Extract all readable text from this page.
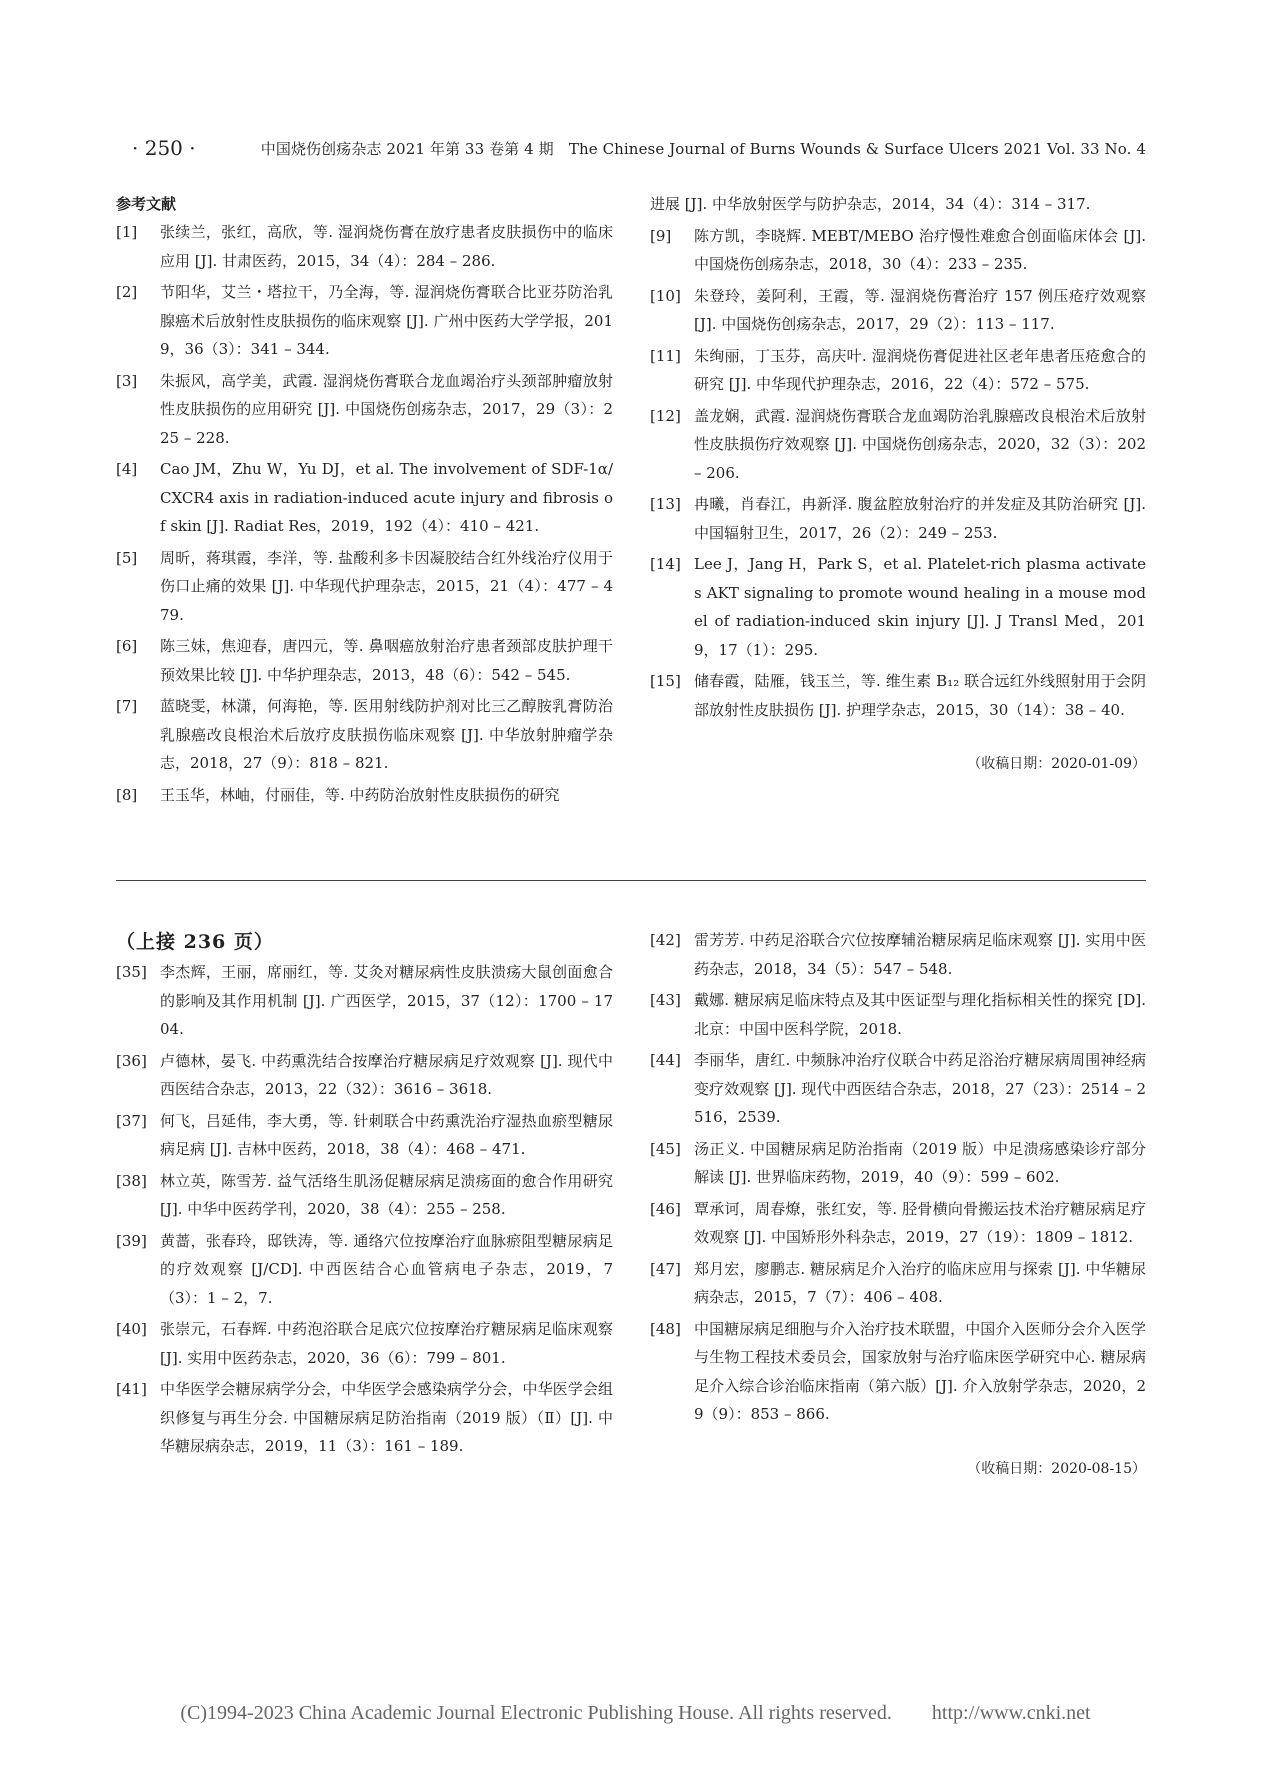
· 250 ·	中国烧伤创疡杂志 2021 年第 33 卷第 4 期　The Chinese Journal of Burns Wounds & Surface Ulcers 2021 Vol. 33 No. 4
参考文献
[1]	张续兰，张红，高欣，等. 湿润烧伤膏在放疗患者皮肤损伤中的临床应用 [J]. 甘肃医药，2015，34（4）：284 – 286.
[2]	节阳华，艾兰・塔拉干，乃全海，等. 湿润烧伤膏联合比亚芬防治乳腺癌术后放射性皮肤损伤的临床观察 [J]. 广州中医药大学学报，2019，36（3）：341 – 344.
[3]	朱振风，高学美，武霞. 湿润烧伤膏联合龙血竭治疗头颈部肿瘤放射性皮肤损伤的应用研究 [J]. 中国烧伤创疡杂志，2017，29（3）：225 – 228.
[4]	Cao JM，Zhu W，Yu DJ，et al. The involvement of SDF-1α/CXCR4 axis in radiation-induced acute injury and fibrosis of skin [J]. Radiat Res，2019，192（4）：410 – 421.
[5]	周昕，蒋琪霞，李洋，等. 盐酸利多卡因凝胶结合红外线治疗仪用于伤口止痛的效果 [J]. 中华现代护理杂志，2015，21（4）：477 – 479.
[6]	陈三妹，焦迎春，唐四元，等. 鼻咽癌放射治疗患者颈部皮肤护理干预效果比较 [J]. 中华护理杂志，2013，48（6）：542 – 545.
[7]	蓝晓雯，林潇，何海艳，等. 医用射线防护剂对比三乙醇胺乳膏防治乳腺癌改良根治术后放疗皮肤损伤临床观察 [J]. 中华放射肿瘤学杂志，2018，27（9）：818 – 821.
[8]	王玉华，林岫，付丽佳，等. 中药防治放射性皮肤损伤的研究
进展 [J]. 中华放射医学与防护杂志，2014，34（4）：314 – 317.
[9]	陈方凯，李晓辉. MEBT/MEBO 治疗慢性难愈合创面临床体会 [J]. 中国烧伤创疡杂志，2018，30（4）：233 – 235.
[10] 朱登玲，姜阿利，王霞，等. 湿润烧伤膏治疗 157 例压疮疗效观察 [J]. 中国烧伤创疡杂志，2017，29（2）：113 – 117.
[11] 朱绚丽，丁玉芬，高庆叶. 湿润烧伤膏促进社区老年患者压疮愈合的研究 [J]. 中华现代护理杂志，2016，22（4）：572 – 575.
[12] 盖龙娴，武霞. 湿润烧伤膏联合龙血竭防治乳腺癌改良根治术后放射性皮肤损伤疗效观察 [J]. 中国烧伤创疡杂志，2020，32（3）：202 – 206.
[13] 冉曦，肖春江，冉新泽. 腹盆腔放射治疗的并发症及其防治研究 [J]. 中国辐射卫生，2017，26（2）：249 – 253.
[14] Lee J，Jang H，Park S，et al. Platelet-rich plasma activates AKT signaling to promote wound healing in a mouse model of radiation-induced skin injury [J]. J Transl Med，2019，17（1）：295.
[15] 储春霞，陆雁，钱玉兰，等. 维生素 B₁₂ 联合远红外线照射用于会阴部放射性皮肤损伤 [J]. 护理学杂志，2015，30（14）：38 – 40.
（收稿日期：2020-01-09）
（上接 236 页）
[35] 李杰辉，王丽，席丽红，等. 艾灸对糖尿病性皮肤溃疡大鼠创面愈合的影响及其作用机制 [J]. 广西医学，2015，37（12）：1700 – 1704.
[36] 卢德林，晏飞. 中药熏洗结合按摩治疗糖尿病足疗效观察 [J]. 现代中西医结合杂志，2013，22（32）：3616 – 3618.
[37] 何飞，吕延伟，李大勇，等. 针刺联合中药熏洗治疗湿热血瘀型糖尿病足病 [J]. 吉林中医药，2018，38（4）：468 – 471.
[38] 林立英，陈雪芳. 益气活络生肌汤促糖尿病足溃疡面的愈合作用研究 [J]. 中华中医药学刊，2020，38（4）：255 – 258.
[39] 黄蔷，张春玲，邸铁涛，等. 通络穴位按摩治疗血脉瘀阻型糖尿病足的疗效观察 [J/CD]. 中西医结合心血管病电子杂志，2019，7（3）：1 – 2，7.
[40] 张崇元，石春辉. 中药泡浴联合足底穴位按摩治疗糖尿病足临床观察 [J]. 实用中医药杂志，2020，36（6）：799 – 801.
[41] 中华医学会糖尿病学分会，中华医学会感染病学分会，中华医学会组织修复与再生分会. 中国糖尿病足防治指南（2019 版）（Ⅱ）[J]. 中华糖尿病杂志，2019，11（3）：161 – 189.
[42] 雷芳芳. 中药足浴联合穴位按摩辅治糖尿病足临床观察 [J]. 实用中医药杂志，2018，34（5）：547 – 548.
[43] 戴娜. 糖尿病足临床特点及其中医证型与理化指标相关性的探究 [D]. 北京：中国中医科学院，2018.
[44] 李丽华，唐红. 中频脉冲治疗仪联合中药足浴治疗糖尿病周围神经病变疗效观察 [J]. 现代中西医结合杂志，2018，27（23）：2514 – 2516，2539.
[45] 汤正义. 中国糖尿病足防治指南（2019 版）中足溃疡感染诊疗部分解读 [J]. 世界临床药物，2019，40（9）：599 – 602.
[46] 覃承诃，周春燎，张红安，等. 胫骨横向骨搬运技术治疗糖尿病足疗效观察 [J]. 中国矫形外科杂志，2019，27（19）：1809 – 1812.
[47] 郑月宏，廖鹏志. 糖尿病足介入治疗的临床应用与探索 [J]. 中华糖尿病杂志，2015，7（7）：406 – 408.
[48] 中国糖尿病足细胞与介入治疗技术联盟，中国介入医师分会介入医学与生物工程技术委员会，国家放射与治疗临床医学研究中心. 糖尿病足介入综合诊治临床指南（第六版）[J]. 介入放射学杂志，2020，29（9）：853 – 866.
（收稿日期：2020-08-15）
(C)1994-2023 China Academic Journal Electronic Publishing House. All rights reserved.　　http://www.cnki.net
